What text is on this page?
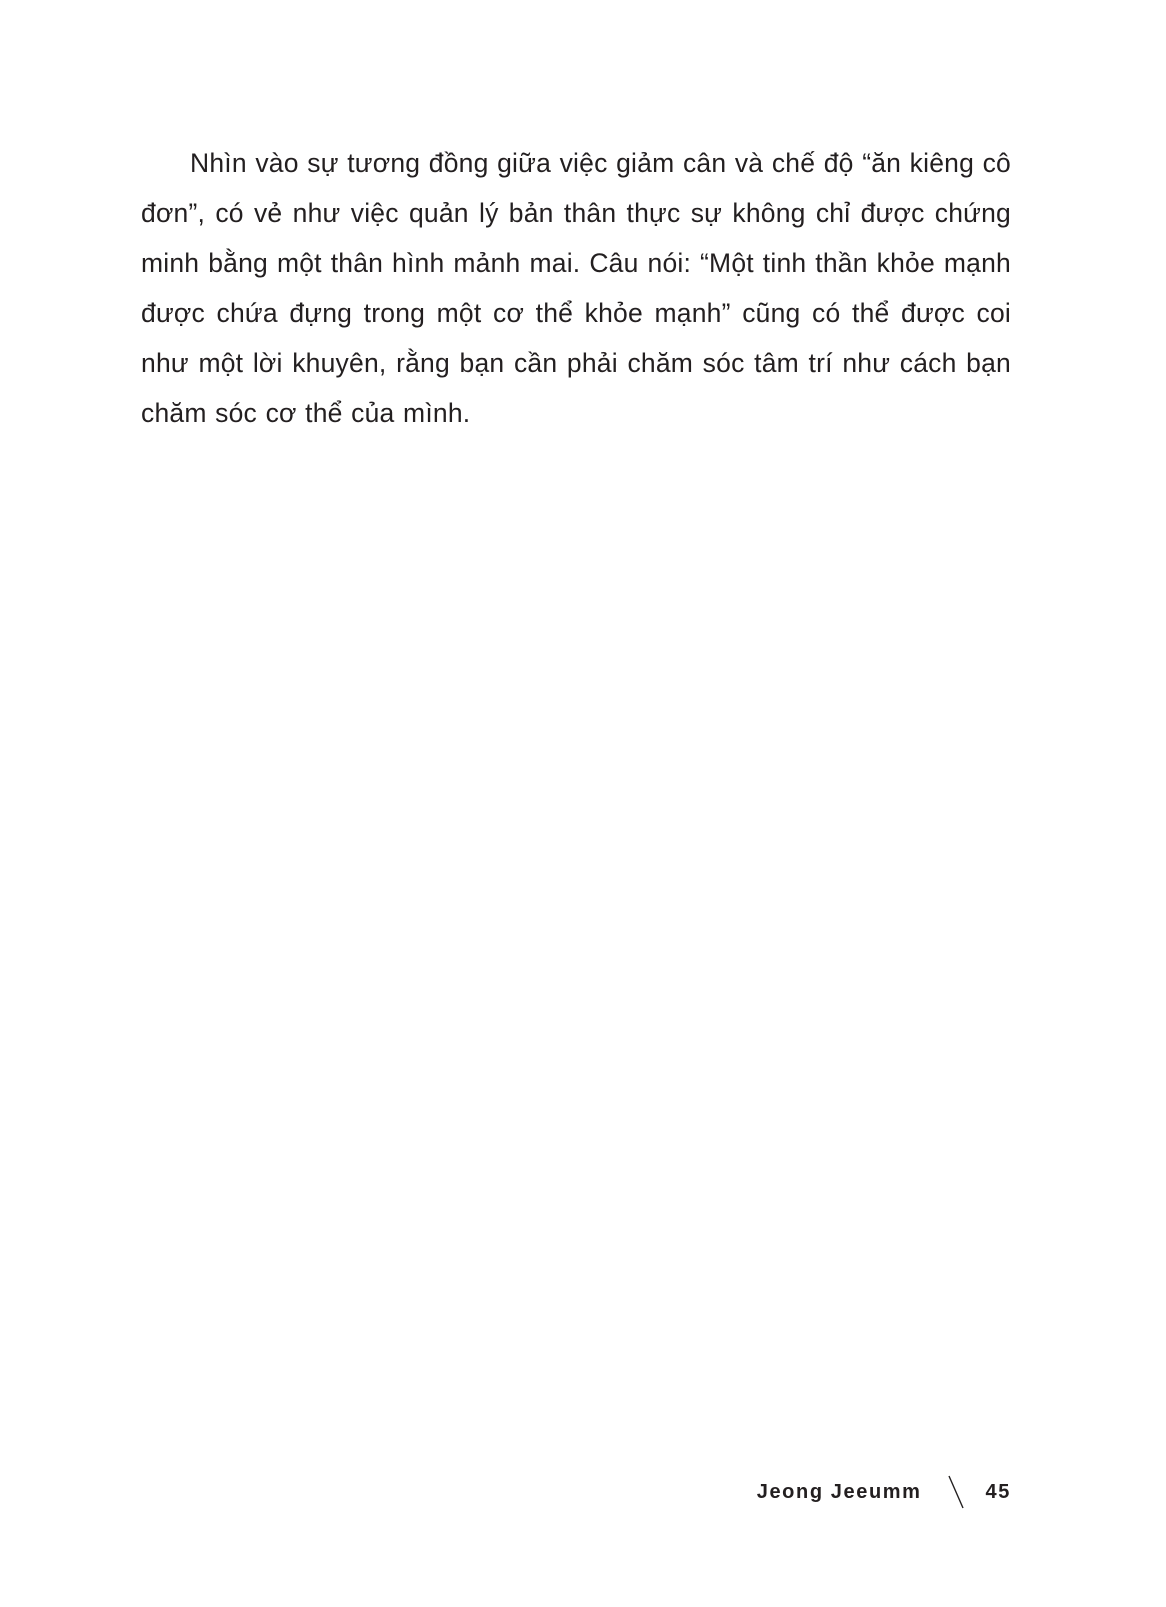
Nhìn vào sự tương đồng giữa việc giảm cân và chế độ “ăn kiêng cô đơn”, có vẻ như việc quản lý bản thân thực sự không chỉ được chứng minh bằng một thân hình mảnh mai. Câu nói: “Một tinh thần khỏe mạnh được chứa đựng trong một cơ thể khỏe mạnh” cũng có thể được coi như một lời khuyên, rằng bạn cần phải chăm sóc tâm trí như cách bạn chăm sóc cơ thể của mình.

Jeong Jeeumm	45
